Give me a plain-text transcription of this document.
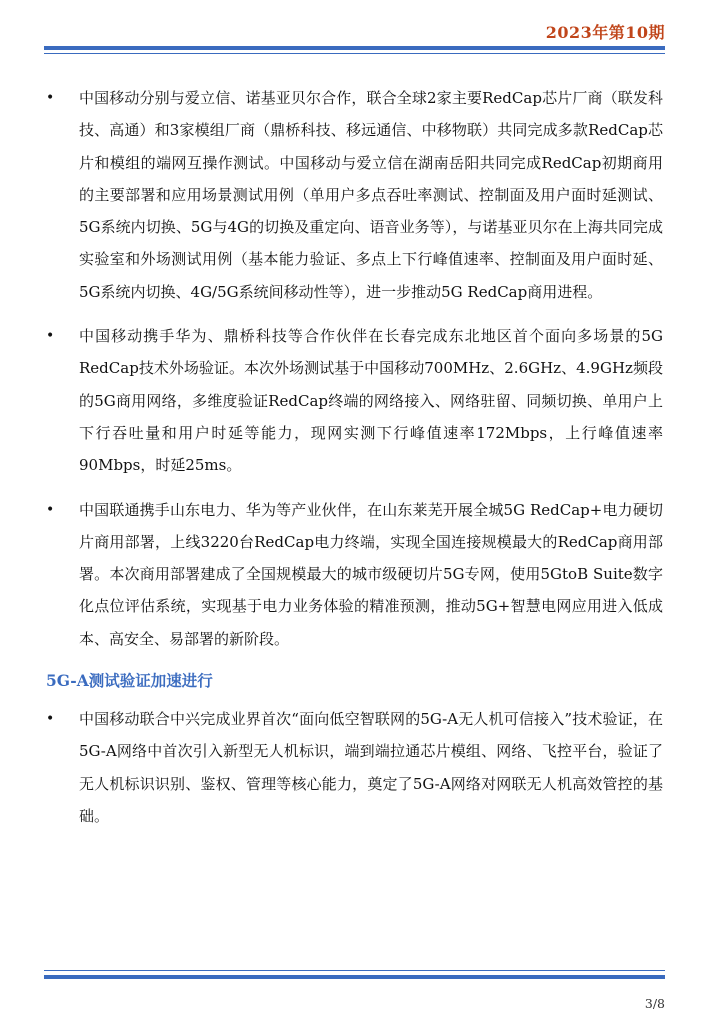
2023年第10期
• 中国移动分别与爱立信、诺基亚贝尔合作，联合全球2家主要RedCap芯片厂商（联发科技、高通）和3家模组厂商（鼎桥科技、移远通信、中移物联）共同完成多款RedCap芯片和模组的端网互操作测试。中国移动与爱立信在湖南岳阳共同完成RedCap初期商用的主要部署和应用场景测试用例（单用户多点吞吐率测试、控制面及用户面时延测试、5G系统内切换、5G与4G的切换及重定向、语音业务等），与诺基亚贝尔在上海共同完成实验室和外场测试用例（基本能力验证、多点上下行峰值速率、控制面及用户面时延、5G系统内切换、4G/5G系统间移动性等），进一步推动5G RedCap商用进程。
• 中国移动携手华为、鼎桥科技等合作伙伴在长春完成东北地区首个面向多场景的5G RedCap技术外场验证。本次外场测试基于中国移动700MHz、2.6GHz、4.9GHz频段的5G商用网络，多维度验证RedCap终端的网络接入、网络驻留、同频切换、单用户上下行吞吐量和用户时延等能力，现网实测下行峰值速率172Mbps，上行峰值速率90Mbps，时延25ms。
• 中国联通携手山东电力、华为等产业伙伴，在山东莱芜开展全城5G RedCap+电力硬切片商用部署，上线3220台RedCap电力终端，实现全国连接规模最大的RedCap商用部署。本次商用部署建成了全国规模最大的城市级硬切片5G专网，使用5GtoB Suite数字化点位评估系统，实现基于电力业务体验的精准预测，推动5G+智慧电网应用进入低成本、高安全、易部署的新阶段。
5G-A测试验证加速进行
• 中国移动联合中兴完成业界首次“面向低空智联网的5G-A无人机可信接入”技术验证，在5G-A网络中首次引入新型无人机标识，端到端拉通芯片模组、网络、飞控平台，验证了无人机标识识别、鉴权、管理等核心能力，奠定了5G-A网络对网联无人机高效管控的基础。
3/8
